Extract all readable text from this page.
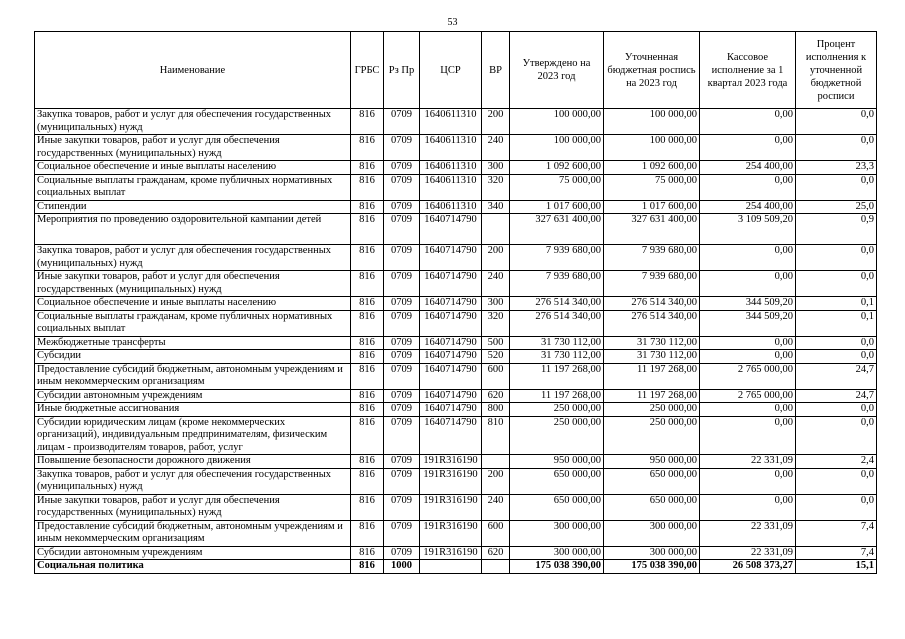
53
Наименование	ГРБС	Рз Пр	ЦСР	ВР	Утверждено на 2023 год	Уточненная бюджетная роспись на 2023 год	Кассовое исполнение за 1 квартал 2023 года	Процент исполнения к уточненной бюджетной росписи
Закупка товаров, работ и услуг для обеспечения государственных (муниципальных) нужд	816	0709	1640611310	200	100 000,00	100 000,00	0,00	0,0
Иные закупки товаров, работ и услуг для обеспечения государственных (муниципальных) нужд	816	0709	1640611310	240	100 000,00	100 000,00	0,00	0,0
Социальное обеспечение и иные выплаты населению	816	0709	1640611310	300	1 092 600,00	1 092 600,00	254 400,00	23,3
Социальные выплаты гражданам, кроме публичных нормативных социальных выплат	816	0709	1640611310	320	75 000,00	75 000,00	0,00	0,0
Стипендии	816	0709	1640611310	340	1 017 600,00	1 017 600,00	254 400,00	25,0
Мероприятия по проведению оздоровительной кампании детей	816	0709	1640714790		327 631 400,00	327 631 400,00	3 109 509,20	0,9
Закупка товаров, работ и услуг для обеспечения государственных (муниципальных) нужд	816	0709	1640714790	200	7 939 680,00	7 939 680,00	0,00	0,0
Иные закупки товаров, работ и услуг для обеспечения государственных (муниципальных) нужд	816	0709	1640714790	240	7 939 680,00	7 939 680,00	0,00	0,0
Социальное обеспечение и иные выплаты населению	816	0709	1640714790	300	276 514 340,00	276 514 340,00	344 509,20	0,1
Социальные выплаты гражданам, кроме публичных нормативных социальных выплат	816	0709	1640714790	320	276 514 340,00	276 514 340,00	344 509,20	0,1
Межбюджетные трансферты	816	0709	1640714790	500	31 730 112,00	31 730 112,00	0,00	0,0
Субсидии	816	0709	1640714790	520	31 730 112,00	31 730 112,00	0,00	0,0
Предоставление субсидий бюджетным, автономным учреждениям и иным некоммерческим организациям	816	0709	1640714790	600	11 197 268,00	11 197 268,00	2 765 000,00	24,7
Субсидии автономным учреждениям	816	0709	1640714790	620	11 197 268,00	11 197 268,00	2 765 000,00	24,7
Иные бюджетные ассигнования	816	0709	1640714790	800	250 000,00	250 000,00	0,00	0,0
Субсидии юридическим лицам (кроме некоммерческих организаций), индивидуальным предпринимателям, физическим лицам - производителям товаров, работ, услуг	816	0709	1640714790	810	250 000,00	250 000,00	0,00	0,0
Повышение безопасности дорожного движения	816	0709	191R316190		950 000,00	950 000,00	22 331,09	2,4
Закупка товаров, работ и услуг для обеспечения государственных (муниципальных) нужд	816	0709	191R316190	200	650 000,00	650 000,00	0,00	0,0
Иные закупки товаров, работ и услуг для обеспечения государственных (муниципальных) нужд	816	0709	191R316190	240	650 000,00	650 000,00	0,00	0,0
Предоставление субсидий бюджетным, автономным учреждениям и иным некоммерческим организациям	816	0709	191R316190	600	300 000,00	300 000,00	22 331,09	7,4
Субсидии автономным учреждениям	816	0709	191R316190	620	300 000,00	300 000,00	22 331,09	7,4
Социальная политика	816	1000			175 038 390,00	175 038 390,00	26 508 373,27	15,1
